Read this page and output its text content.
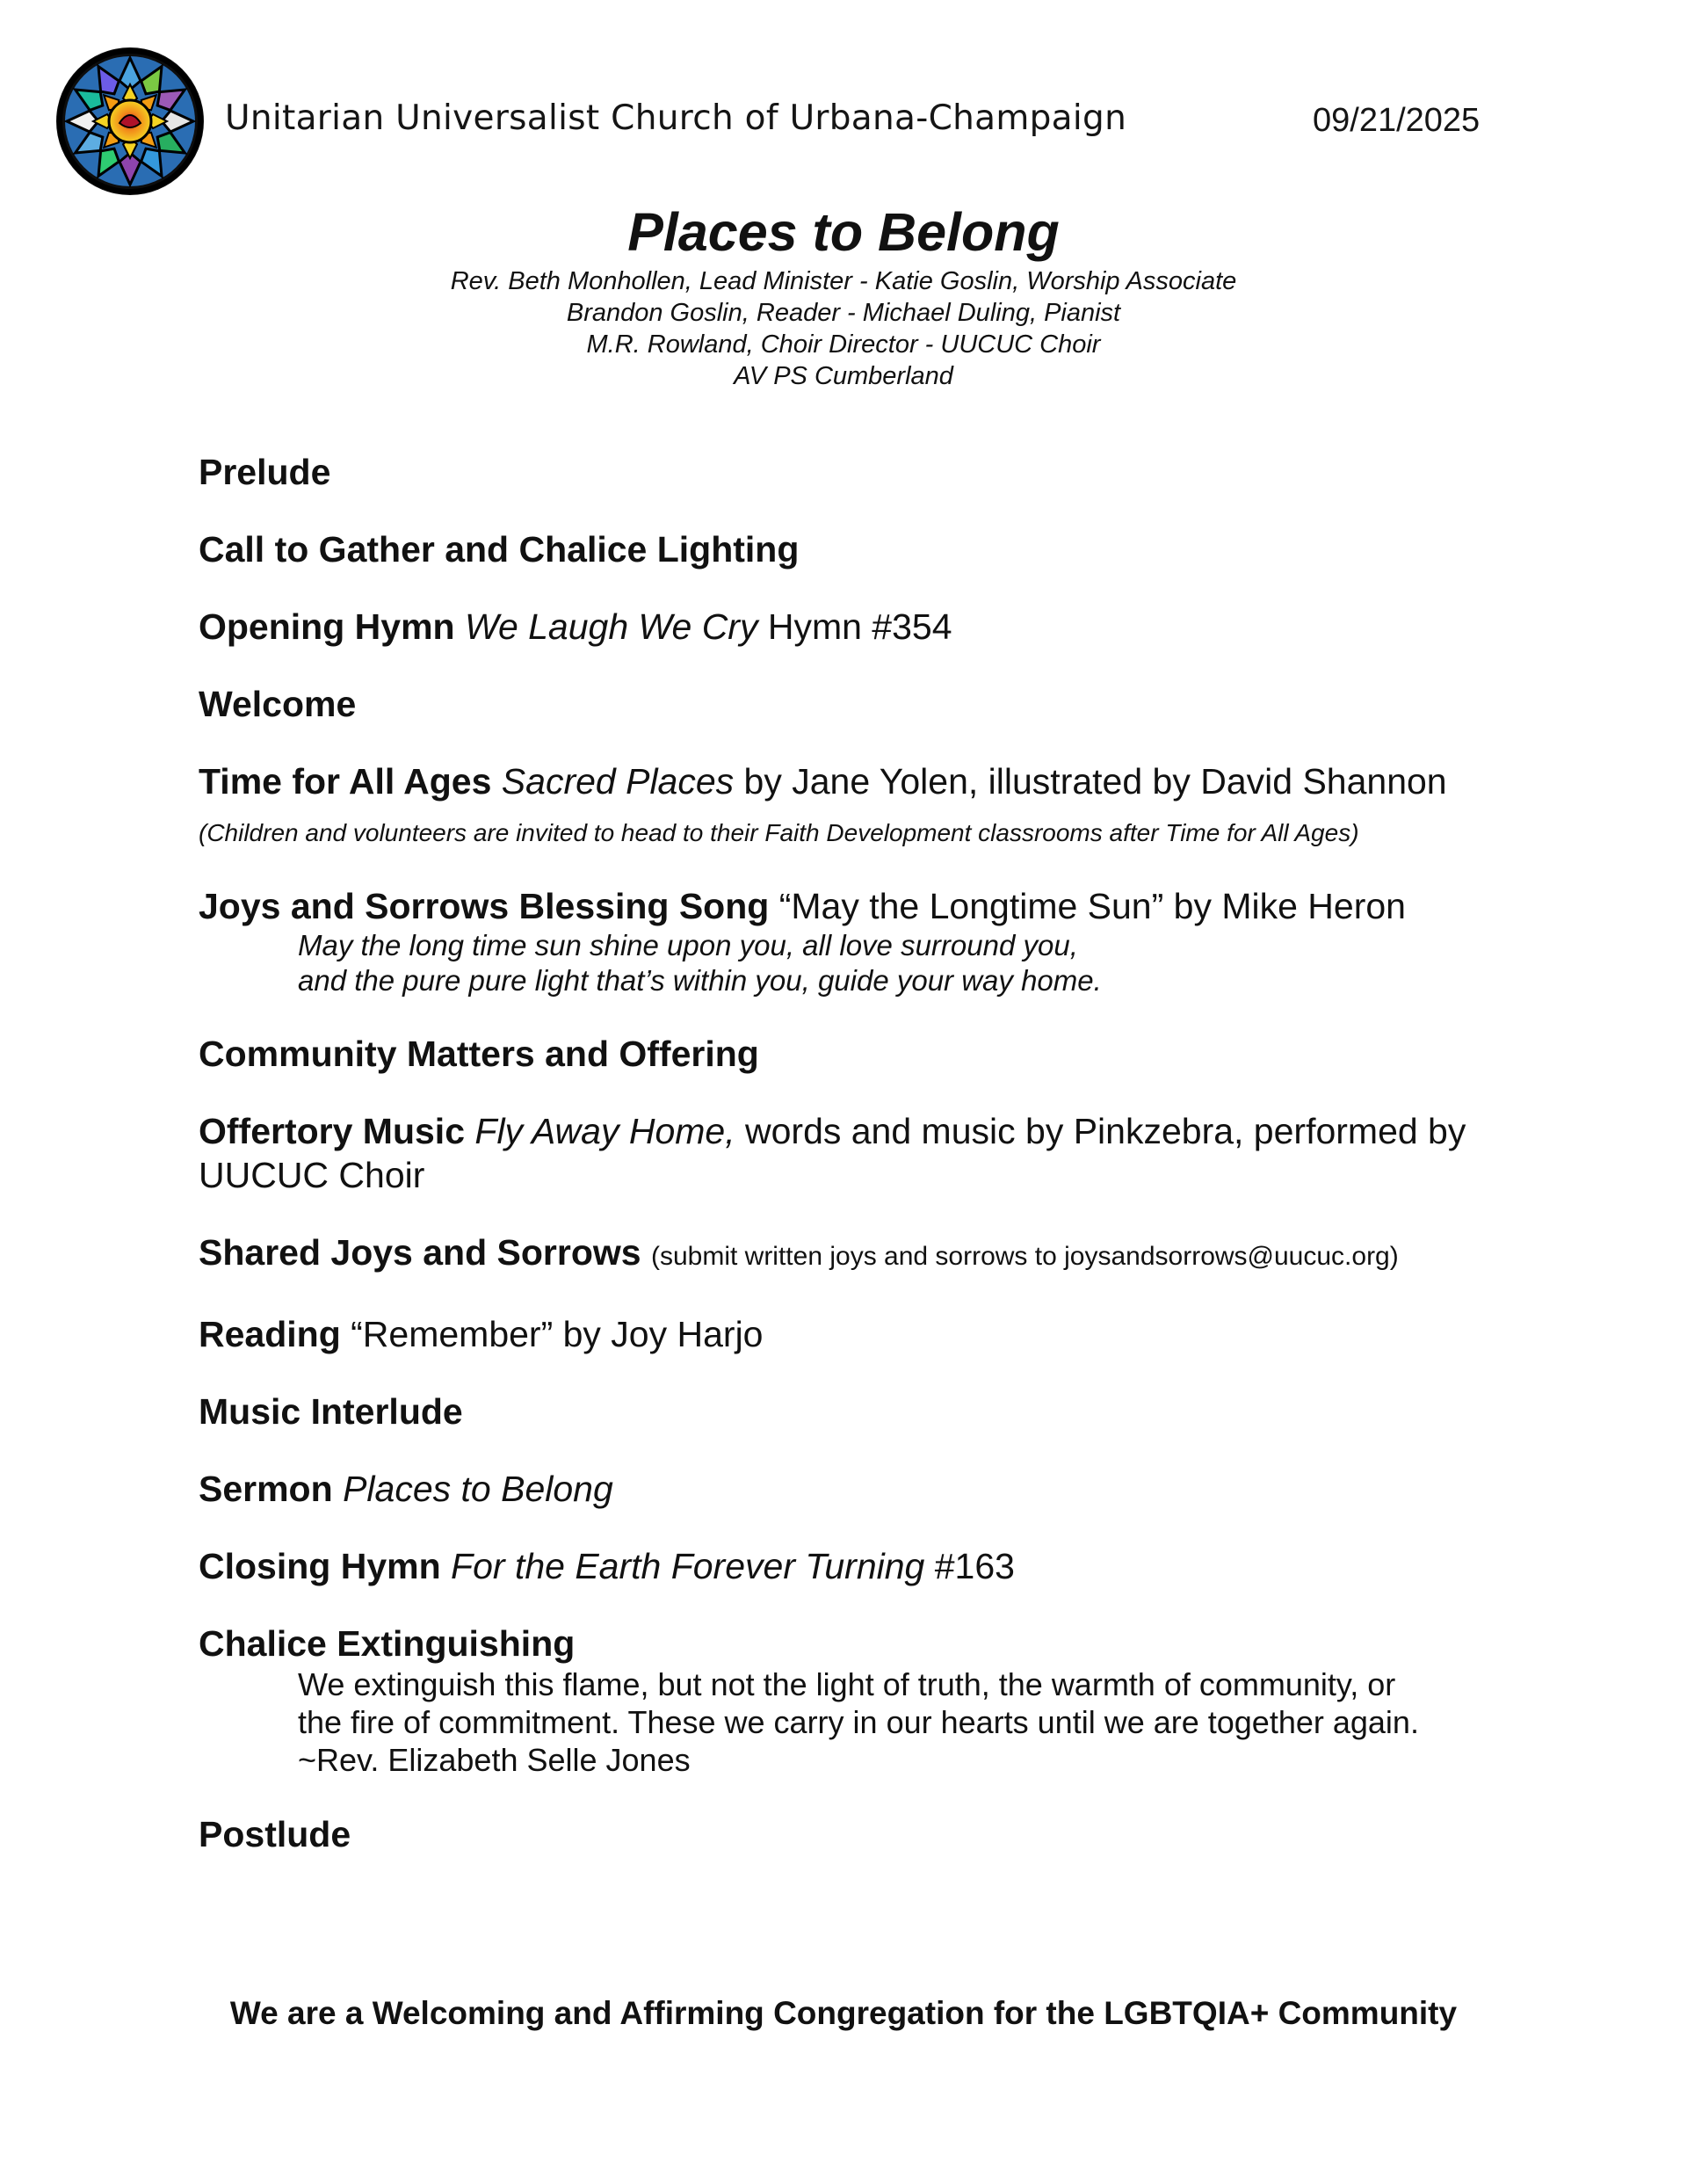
Unitarian Universalist Church of Urbana-Champaign	09/21/2025
Places to Belong
Rev. Beth Monhollen, Lead Minister - Katie Goslin, Worship Associate
Brandon Goslin, Reader - Michael Duling, Pianist
M.R. Rowland, Choir Director - UUCUC Choir
AV PS Cumberland
Prelude
Call to Gather and Chalice Lighting
Opening Hymn We Laugh We Cry Hymn #354
Welcome
Time for All Ages Sacred Places by Jane Yolen, illustrated by David Shannon
(Children and volunteers are invited to head to their Faith Development classrooms after Time for All Ages)
Joys and Sorrows Blessing Song “May the Longtime Sun” by Mike Heron
May the long time sun shine upon you, all love surround you,
and the pure pure light that’s within you, guide your way home.
Community Matters and Offering
Offertory Music Fly Away Home, words and music by Pinkzebra, performed by UUCUC Choir
Shared Joys and Sorrows (submit written joys and sorrows to joysandsorrows@uucuc.org)
Reading “Remember” by Joy Harjo
Music Interlude
Sermon Places to Belong
Closing Hymn For the Earth Forever Turning #163
Chalice Extinguishing
We extinguish this flame, but not the light of truth, the warmth of community, or
the fire of commitment. These we carry in our hearts until we are together again.
~Rev. Elizabeth Selle Jones
Postlude
We are a Welcoming and Affirming Congregation for the LGBTQIA+ Community
